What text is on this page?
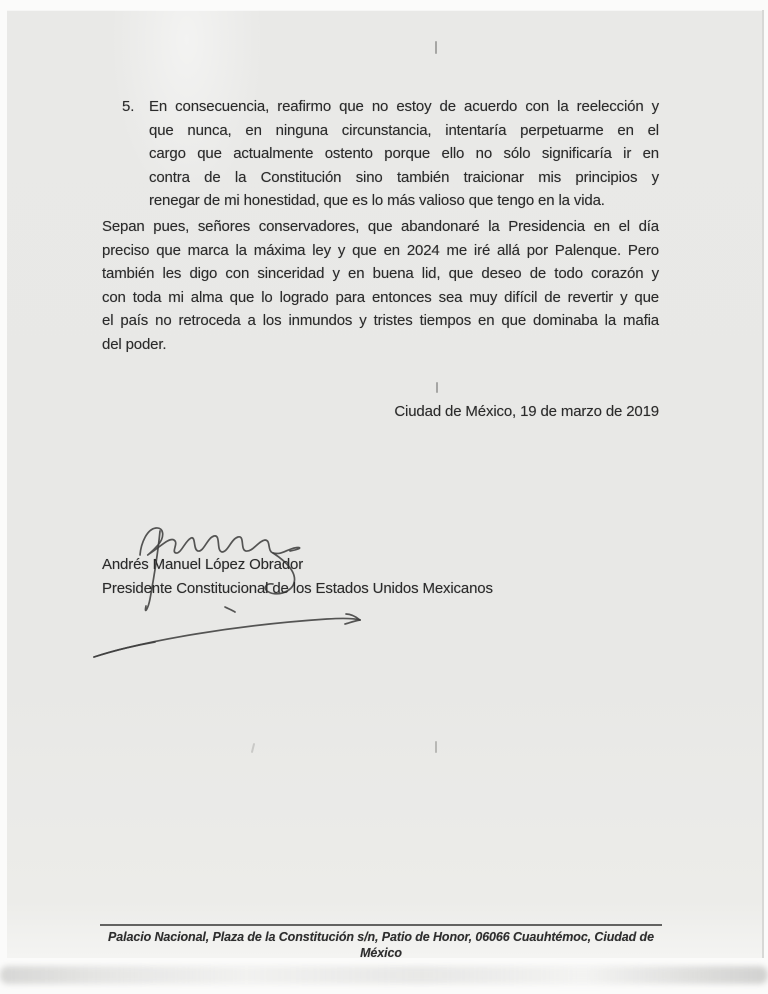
5. En consecuencia, reafirmo que no estoy de acuerdo con la reelección y
que nunca, en ninguna circunstancia, intentaría perpetuarme en el
cargo que actualmente ostento porque ello no sólo significaría ir en
contra de la Constitución sino también traicionar mis principios y
renegar de mi honestidad, que es lo más valioso que tengo en la vida.
Sepan pues, señores conservadores, que abandonaré la Presidencia en el día
preciso que marca la máxima ley y que en 2024 me iré allá por Palenque. Pero
también les digo con sinceridad y en buena lid, que deseo de todo corazón y
con toda mi alma que lo logrado para entonces sea muy difícil de revertir y que
el país no retroceda a los inmundos y tristes tiempos en que dominaba la mafia
del poder.
Ciudad de México, 19 de marzo de 2019
Andrés Manuel López Obrador
Presidente Constitucional de los Estados Unidos Mexicanos
Palacio Nacional, Plaza de la Constitución s/n, Patio de Honor, 06066 Cuauhtémoc, Ciudad de México
